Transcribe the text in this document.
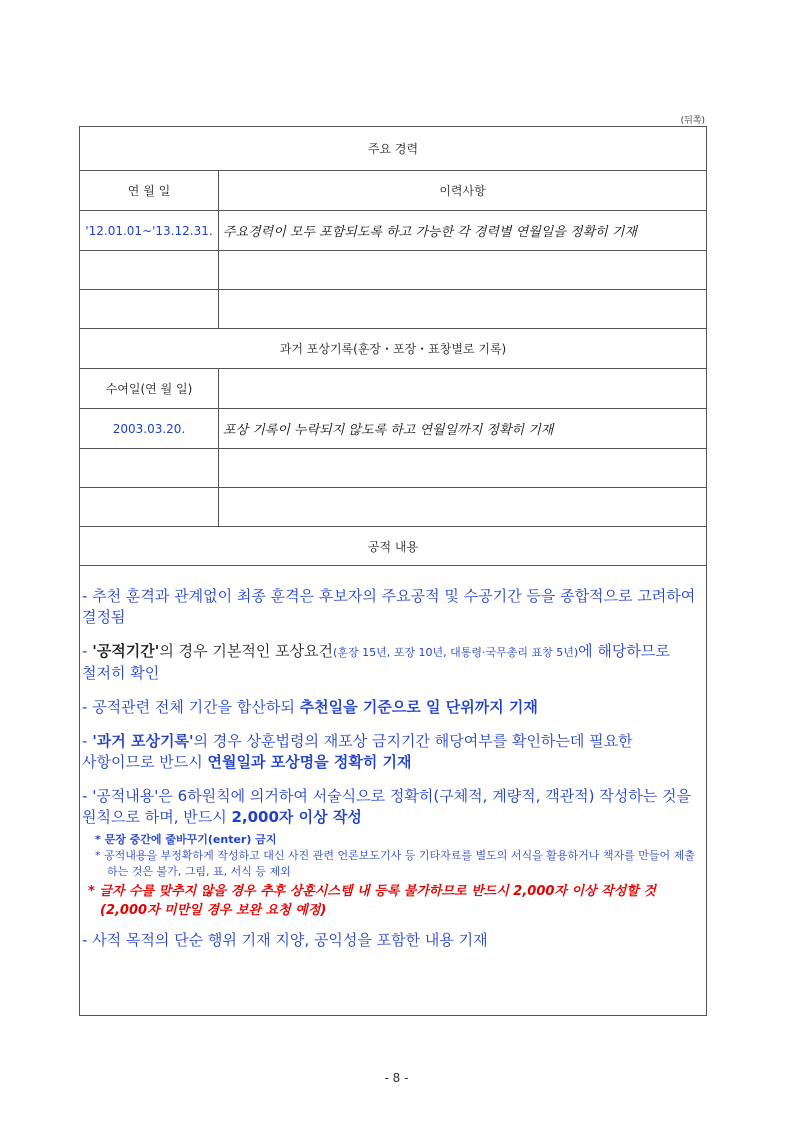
(뒤쪽)
주요 경력
연 월 일	이력사항
'12.01.01~'13.12.31. 주요경력이 모두 포함되도록 하고 가능한 각 경력별 연월일을 정확히 기재
과거 포상기록(훈장・포장・표창별로 기록)
수여일(연 월 일)
2003.03.20.	포상 기록이 누락되지 않도록 하고 연월일까지 정확히 기재
공적 내용
- 추천 훈격과 관계없이 최종 훈격은 후보자의 주요공적 및 수공기간 등을 종합적으로 고려하여 결정됨
- '공적기간'의 경우 기본적인 포상요건(훈장 15년, 포장 10년, 대통령·국무총리 표창 5년)에 해당하므로 철저히 확인
- 공적관련 전체 기간을 합산하되 추천일을 기준으로 일 단위까지 기재
- '과거 포상기록'의 경우 상훈법령의 재포상 금지기간 해당여부를 확인하는데 필요한 사항이므로 반드시 연월일과 포상명을 정확히 기재
- '공적내용'은 6하원칙에 의거하여 서술식으로 정확히(구체적, 계량적, 객관적) 작성하는 것을 원칙으로 하며, 반드시 2,000자 이상 작성
* 문장 중간에 줄바꾸기(enter) 금지
* 공적내용을 부정확하게 작성하고 대신 사진 관련 언론보도기사 등 기타자료를 별도의 서식을 활용하거나 책자를 만들어 제출하는 것은 불가, 그림, 표, 서식 등 제외
* 글자 수를 맞추지 않을 경우 추후 상훈시스템 내 등록 불가하므로 반드시 2,000자 이상 작성할 것 (2,000자 미만일 경우 보완 요청 예정)
- 사적 목적의 단순 행위 기재 지양, 공익성을 포함한 내용 기재
- 8 -
